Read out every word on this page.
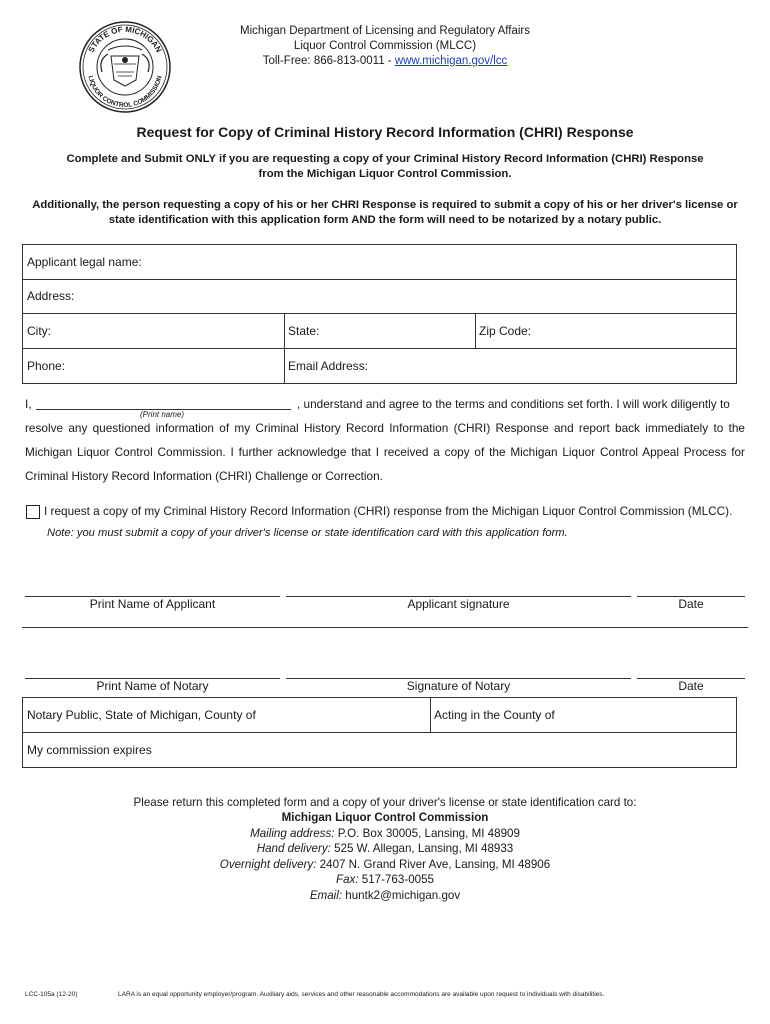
STATE OF MICHIGAN
LIQUOR CONTROL COMMISSION
Michigan Department of Licensing and Regulatory Affairs
Liquor Control Commission (MLCC)
Toll-Free: 866-813-0011 - www.michigan.gov/lcc
Request for Copy of Criminal History Record Information (CHRI) Response
Complete and Submit ONLY if you are requesting a copy of your Criminal History Record Information (CHRI) Response
from the Michigan Liquor Control Commission.
Additionally, the person requesting a copy of his or her CHRI Response is required to submit a copy of his or her driver's license or
state identification with this application form AND the form will need to be notarized by a notary public.
Applicant legal name:
Address:
City:	State:	Zip Code:
Phone:	Email Address:
I,
(Print name)
, understand and agree to the terms and conditions set forth. I will work diligently to
resolve any questioned information of my Criminal History Record Information (CHRI) Response and report back immediately to the
Michigan Liquor Control Commission. I further acknowledge that I received a copy of the Michigan Liquor Control Appeal Process for
Criminal History Record Information (CHRI) Challenge or Correction.
I request a copy of my Criminal History Record Information (CHRI) response from the Michigan Liquor Control Commission (MLCC).
Note: you must submit a copy of your driver's license or state identification card with this application form.
Print Name of Applicant	Applicant signature	Date
Print Name of Notary	Signature of Notary	Date
Notary Public, State of Michigan, County of	Acting in the County of
My commission expires
Please return this completed form and a copy of your driver's license or state identification card to:
Michigan Liquor Control Commission
Mailing address: P.O. Box 30005, Lansing, MI 48909
Hand delivery: 525 W. Allegan, Lansing, MI 48933
Overnight delivery: 2407 N. Grand River Ave, Lansing, MI 48906
Fax: 517-763-0055
Email: huntk2@michigan.gov
LCC-105a (12-20)	LARA is an equal opportunity employer/program. Auxiliary aids, services and other reasonable accommodations are available upon request to individuals with disabilities.
